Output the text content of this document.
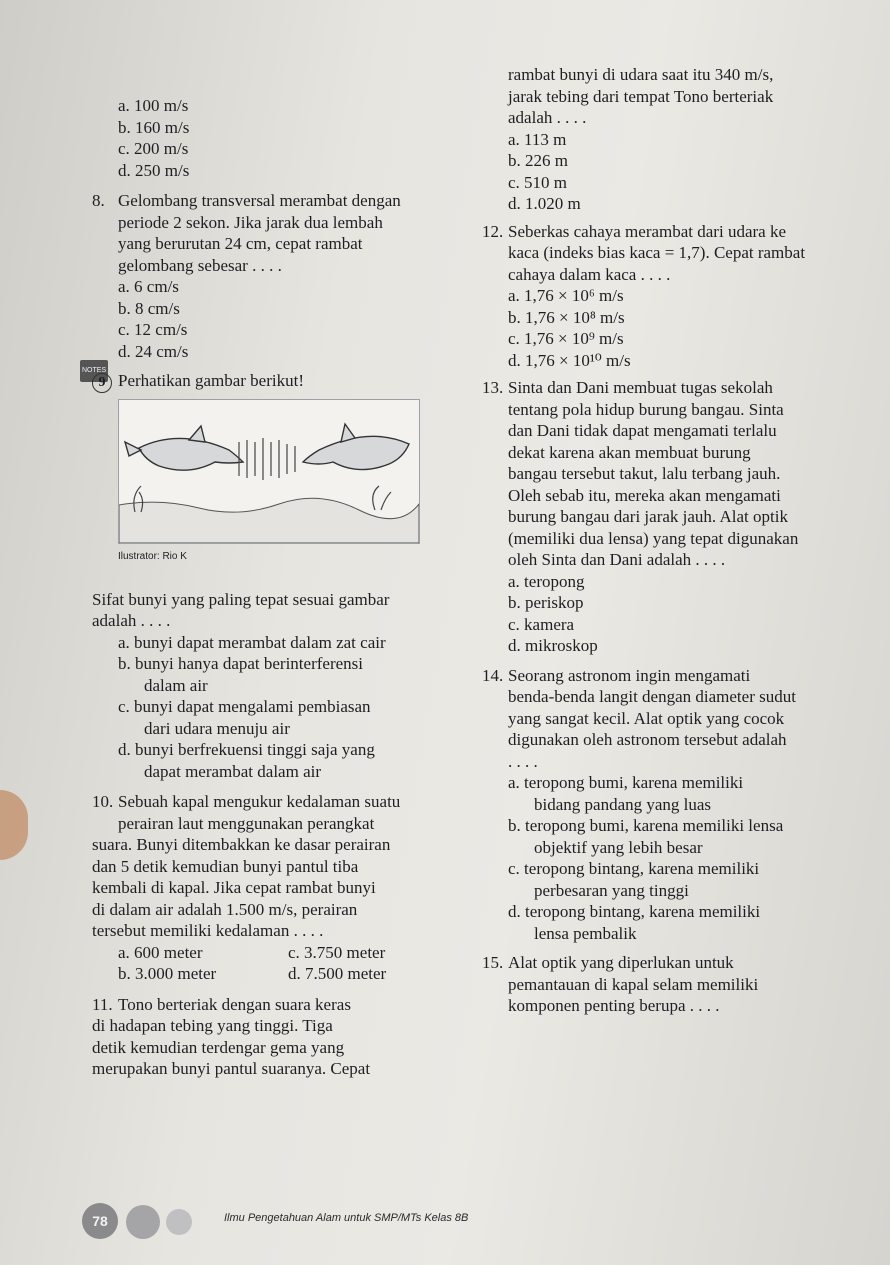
a. 100 m/s
b. 160 m/s
c. 200 m/s
d. 250 m/s
8. Gelombang transversal merambat dengan
periode 2 sekon. Jika jarak dua lembah
yang berurutan 24 cm, cepat rambat
gelombang sebesar . . . .
a. 6 cm/s
b. 8 cm/s
c. 12 cm/s
d. 24 cm/s
NOTES
9 Perhatikan gambar berikut!
Ilustrator: Rio K
Sifat bunyi yang paling tepat sesuai gambar
adalah . . . .
a. bunyi dapat merambat dalam zat cair
b. bunyi hanya dapat berinterferensi
dalam air
c. bunyi dapat mengalami pembiasan
dari udara menuju air
d. bunyi berfrekuensi tinggi saja yang
dapat merambat dalam air
10. Sebuah kapal mengukur kedalaman suatu
perairan laut menggunakan perangkat
suara. Bunyi ditembakkan ke dasar perairan
dan 5 detik kemudian bunyi pantul tiba
kembali di kapal. Jika cepat rambat bunyi
di dalam air adalah 1.500 m/s, perairan
tersebut memiliki kedalaman . . . .
a. 600 meter	c. 3.750 meter
b. 3.000 meter	d. 7.500 meter
11. Tono berteriak dengan suara keras
di hadapan tebing yang tinggi. Tiga
detik kemudian terdengar gema yang
merupakan bunyi pantul suaranya. Cepat
rambat bunyi di udara saat itu 340 m/s,
jarak tebing dari tempat Tono berteriak
adalah . . . .
a. 113 m
b. 226 m
c. 510 m
d. 1.020 m
12. Seberkas cahaya merambat dari udara ke
kaca (indeks bias kaca = 1,7). Cepat rambat
cahaya dalam kaca . . . .
a. 1,76 × 10⁶ m/s
b. 1,76 × 10⁸ m/s
c. 1,76 × 10⁹ m/s
d. 1,76 × 10¹⁰ m/s
13. Sinta dan Dani membuat tugas sekolah
tentang pola hidup burung bangau. Sinta
dan Dani tidak dapat mengamati terlalu
dekat karena akan membuat burung
bangau tersebut takut, lalu terbang jauh.
Oleh sebab itu, mereka akan mengamati
burung bangau dari jarak jauh. Alat optik
(memiliki dua lensa) yang tepat digunakan
oleh Sinta dan Dani adalah . . . .
a. teropong
b. periskop
c. kamera
d. mikroskop
14. Seorang astronom ingin mengamati
benda-benda langit dengan diameter sudut
yang sangat kecil. Alat optik yang cocok
digunakan oleh astronom tersebut adalah
. . . .
a. teropong bumi, karena memiliki
bidang pandang yang luas
b. teropong bumi, karena memiliki lensa
objektif yang lebih besar
c. teropong bintang, karena memiliki
perbesaran yang tinggi
d. teropong bintang, karena memiliki
lensa pembalik
15. Alat optik yang diperlukan untuk
pemantauan di kapal selam memiliki
komponen penting berupa . . . .
78	Ilmu Pengetahuan Alam untuk SMP/MTs Kelas 8B
